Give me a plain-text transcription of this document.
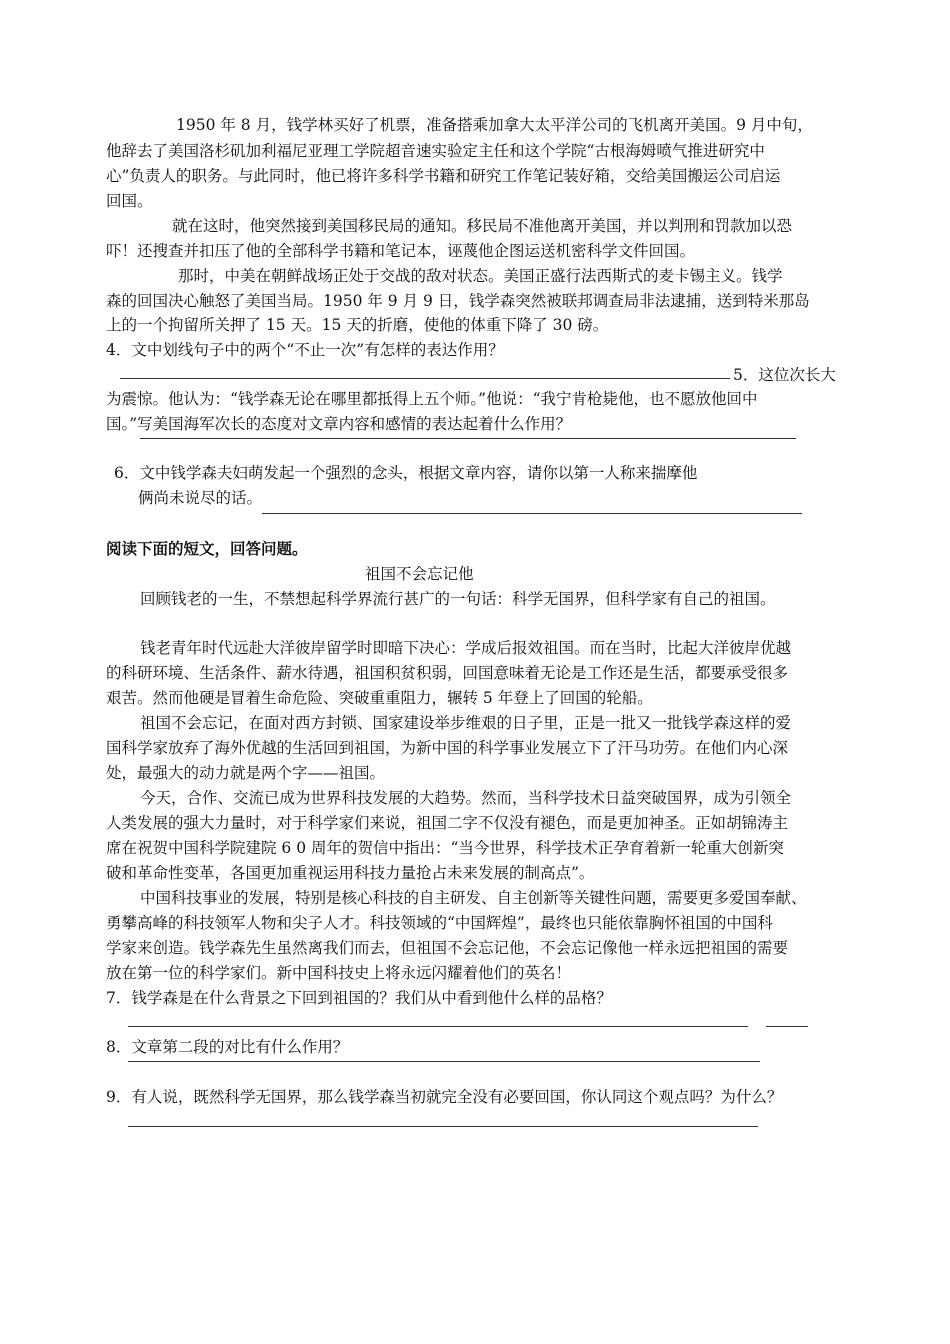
1950 年 8 月，钱学林买好了机票，准备搭乘加拿大太平洋公司的飞机离开美国。9 月中旬，
他辞去了美国洛杉矶加利福尼亚理工学院超音速实验定主任和这个学院“古根海姆喷气推进研究中
心”负责人的职务。与此同时，他已将许多科学书籍和研究工作笔记装好箱，交给美国搬运公司启运
回国。
就在这时，他突然接到美国移民局的通知。移民局不准他离开美国，并以判刑和罚款加以恐
吓！还搜查并扣压了他的全部科学书籍和笔记本，诬蔑他企图运送机密科学文件回国。
那时，中美在朝鲜战场正处于交战的敌对状态。美国正盛行法西斯式的麦卡锡主义。钱学
森的回国决心触怒了美国当局。1950 年 9 月 9 日，钱学森突然被联邦调查局非法逮捕，送到特米那岛
上的一个拘留所关押了 15 天。15 天的折磨，使他的体重下降了 30 磅。
4．文中划线句子中的两个“不止一次”有怎样的表达作用？
5．这位次长大
为震惊。他认为：“钱学森无论在哪里都抵得上五个师。”他说：“我宁肯枪毙他，也不愿放他回中
国。”写美国海军次长的态度对文章内容和感情的表达起着什么作用？
6．文中钱学森夫妇萌发起一个强烈的念头，根据文章内容，请你以第一人称来揣摩他
俩尚未说尽的话。
阅读下面的短文，回答问题。
祖国不会忘记他
回顾钱老的一生，不禁想起科学界流行甚广的一句话：科学无国界，但科学家有自己的祖国。
钱老青年时代远赴大洋彼岸留学时即暗下决心：学成后报效祖国。而在当时，比起大洋彼岸优越
的科研环境、生活条件、薪水待遇，祖国积贫积弱，回国意味着无论是工作还是生活，都要承受很多
艰苦。然而他硬是冒着生命危险、突破重重阻力，辗转 5 年登上了回国的轮船。
祖国不会忘记，在面对西方封锁、国家建设举步维艰的日子里，正是一批又一批钱学森这样的爱
国科学家放弃了海外优越的生活回到祖国，为新中国的科学事业发展立下了汗马功劳。在他们内心深
处，最强大的动力就是两个字——祖国。
今天，合作、交流已成为世界科技发展的大趋势。然而，当科学技术日益突破国界，成为引领全
人类发展的强大力量时，对于科学家们来说，祖国二字不仅没有褪色，而是更加神圣。正如胡锦涛主
席在祝贺中国科学院建院 6 0 周年的贺信中指出：“当今世界，科学技术正孕育着新一轮重大创新突
破和革命性变革，各国更加重视运用科技力量抢占未来发展的制高点”。
中国科技事业的发展，特别是核心科技的自主研发、自主创新等关键性问题，需要更多爱国奉献、
勇攀高峰的科技领军人物和尖子人才。科技领域的“中国辉煌”，最终也只能依靠胸怀祖国的中国科
学家来创造。钱学森先生虽然离我们而去，但祖国不会忘记他，不会忘记像他一样永远把祖国的需要
放在第一位的科学家们。新中国科技史上将永远闪耀着他们的英名！
7．钱学森是在什么背景之下回到祖国的？我们从中看到他什么样的品格？
8．文章第二段的对比有什么作用？
9．有人说，既然科学无国界，那么钱学森当初就完全没有必要回国，你认同这个观点吗？为什么？
